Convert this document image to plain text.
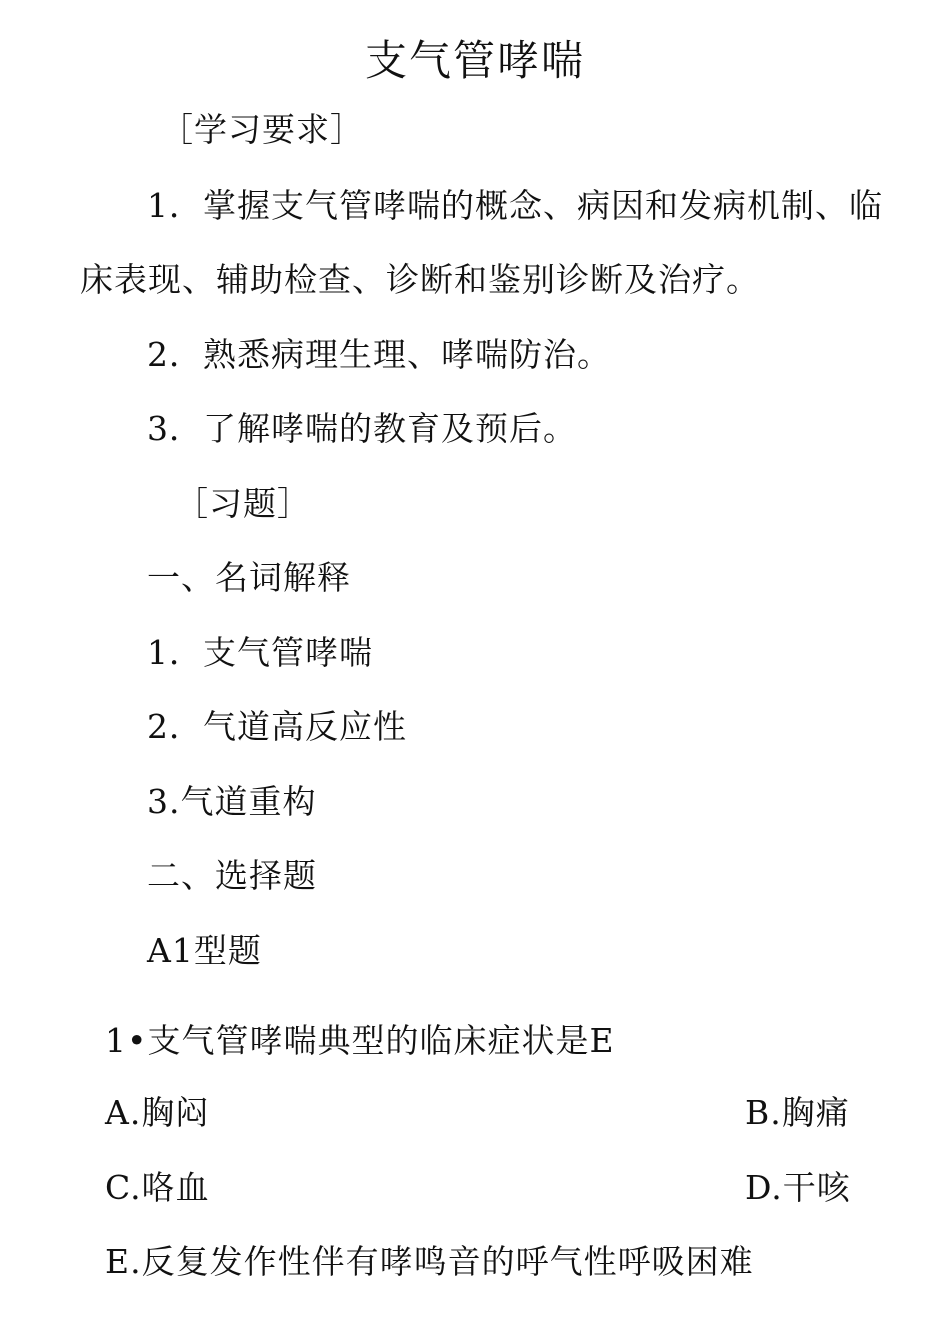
支气管哮喘
［学习要求］
1．掌握支气管哮喘的概念、病因和发病机制、临
床表现、辅助检查、诊断和鉴别诊断及治疗。
2．熟悉病理生理、哮喘防治。
3．了解哮喘的教育及预后。
［习题］
一、名词解释
1．支气管哮喘
2．气道高反应性
3.气道重构
二、选择题
A1型题
1•支气管哮喘典型的临床症状是E
A.胸闷	B.胸痛
C.咯血	D.干咳
E.反复发作性伴有哮鸣音的呼气性呼吸困难
